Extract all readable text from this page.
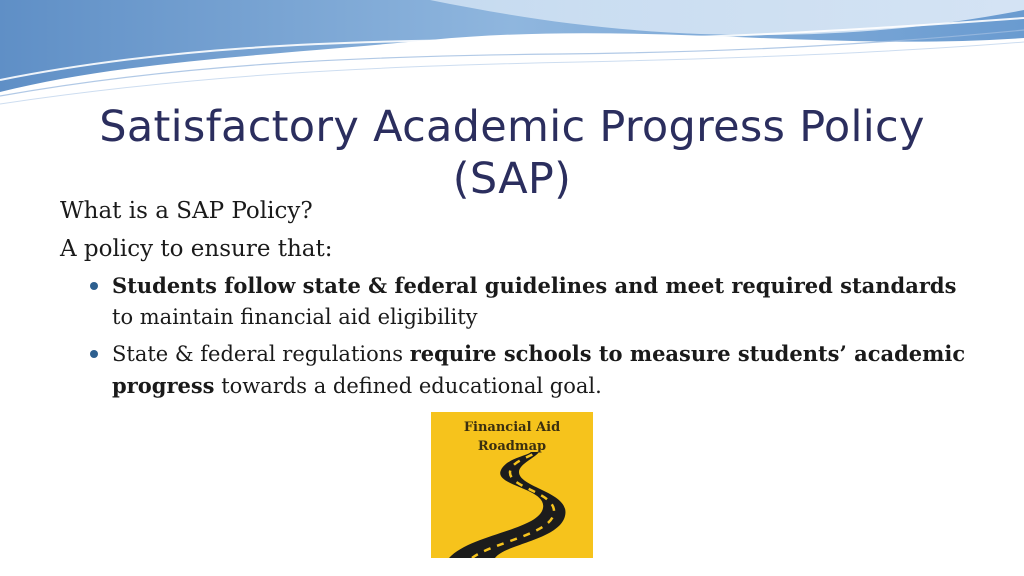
Satisfactory Academic Progress Policy
(SAP)

What is a SAP Policy?

A policy to ensure that:

Students follow state & federal guidelines and meet required standards to maintain financial aid eligibility
State & federal regulations require schools to measure students’ academic progress towards a defined educational goal.
Financial Aid
Roadmap
